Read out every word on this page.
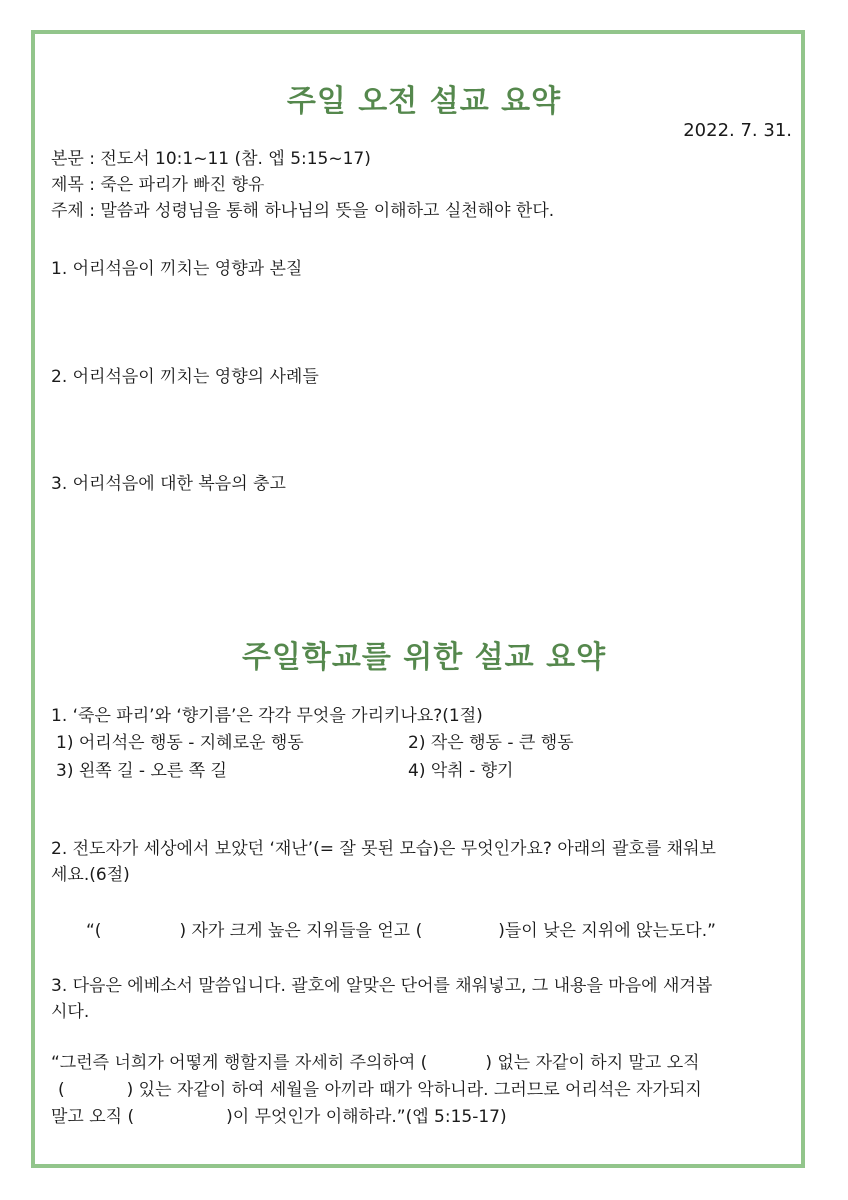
주일 오전 설교 요약
2022. 7. 31.
본문 : 전도서 10:1~11 (참. 엡 5:15~17)
제목 : 죽은 파리가 빠진 향유
주제 : 말씀과 성령님을 통해 하나님의 뜻을 이해하고 실천해야 한다.
1. 어리석음이 끼치는 영향과 본질
2. 어리석음이 끼치는 영향의 사례들
3. 어리석음에 대한 복음의 충고
주일학교를 위한 설교 요약
1. ‘죽은 파리’와 ‘향기름’은 각각 무엇을 가리키나요?(1절)
1) 어리석은 행동 - 지혜로운 행동	2) 작은 행동 - 큰 행동
3) 왼쪽 길 - 오른 쪽 길	4) 악취 - 향기
2. 전도자가 세상에서 보았던 ‘재난’(= 잘 못된 모습)은 무엇인가요? 아래의 괄호를 채워보
세요.(6절)
“(	) 자가 크게 높은 지위들을 얻고 (	)들이 낮은 지위에 앉는도다.”
3. 다음은 에베소서 말씀입니다. 괄호에 알맞은 단어를 채워넣고, 그 내용을 마음에 새겨봅
시다.
“그런즉 너희가 어떻게 행할지를 자세히 주의하여 (	) 없는 자같이 하지 말고 오직
(	) 있는 자같이 하여 세월을 아끼라 때가 악하니라. 그러므로 어리석은 자가되지
말고 오직 (	)이 무엇인가 이해하라.”(엡 5:15-17)
